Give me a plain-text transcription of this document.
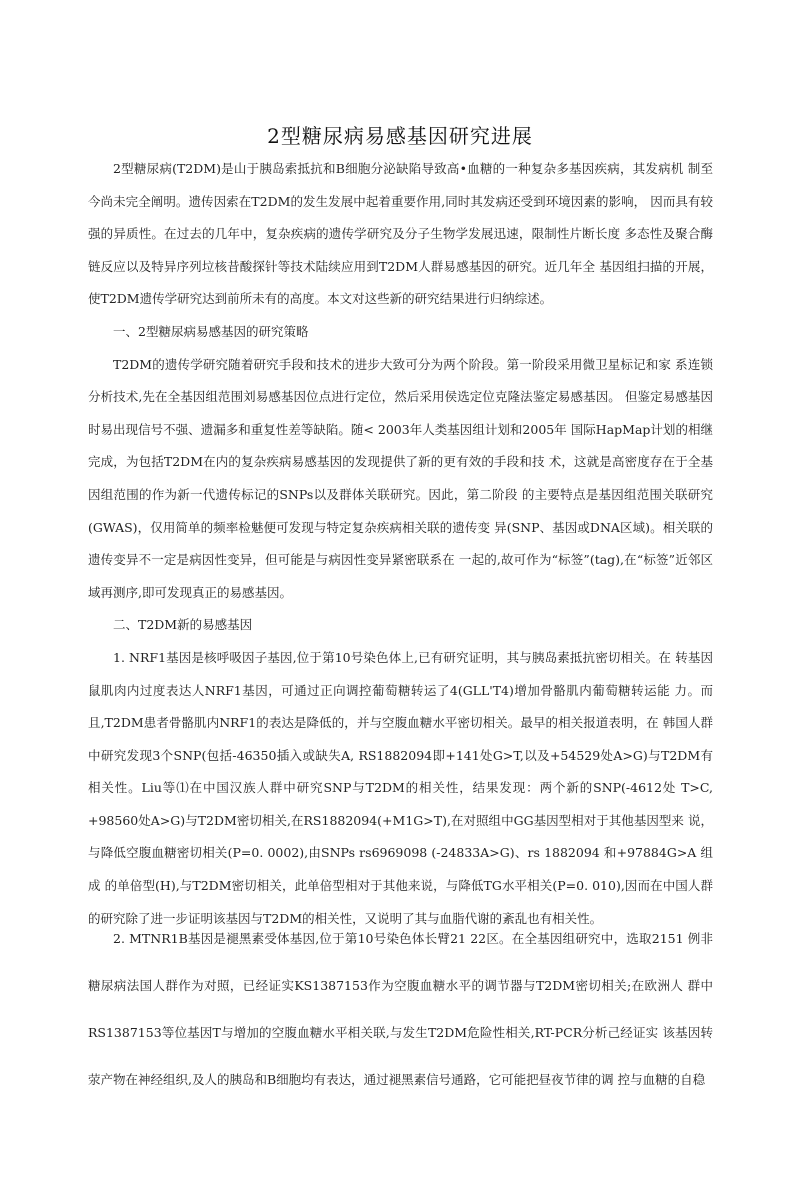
2型糖尿病易感基因研究进展

2型糖尿病(T2DM)是山于胰岛索抵抗和B细胞分泌缺陷导致高•血糖的一种复杂多基因疾病，其发病机 制至今尚未完全阐明。遗传因索在T2DM的发生发展中起着重要作用,同时其发病还受到环境因素的影响， 因而具有较强的异质性。在过去的几年中，复杂疾病的遗传学研究及分子生物学发展迅速，限制性片断长度 多态性及聚合酶链反应以及特异序列垃核昔酸探针等技术陆续应用到T2DM人群易感基因的研究。近几年全 基因组扫描的开展，使T2DM遗传学研究达到前所未有的高度。本文对这些新的研究结果进行归纳综述。

一、2型糖尿病易感基因的研究策略

T2DM的遗传学研究随着研究手段和技术的进步大致可分为两个阶段。第一阶段采用微卫星标记和家 系连锁分析技术,先在全基因组范围刘易感基因位点进行定位，然后采用侯选定位克隆法鉴定易感基因。 但鉴定易感基因时易出现信号不强、遗漏多和重复性差等缺陷。随< 2003年人类基因组计划和2005年 国际HapMap计划的相继完成，为包括T2DM在内的复杂疾病易感基因的发现提供了新的更有效的手段和技 术，这就是高密度存在于全基因组范围的作为新一代遗传标记的SNPs以及群体关联研究。因此，第二阶段 的主要特点是基因组范围关联研究(GWAS)，仅用简单的频率检魅便可发现与特定复杂疾病相关联的遗传变 异(SNP、基因或DNA区域)。相关联的遗传变异不一定是病因性变异，但可能是与病因性变异紧密联系在 一起的,故可作为“标签”(tag),在“标签”近邻区域再测序,即可发现真正的易感基因。

二、T2DM新的易感基因

1. NRF1基因是核呼吸因子基因,位于第10号染色体上,已有研究证明，其与胰岛素抵抗密切相关。在 转基因鼠肌肉内过度表达人NRF1基因，可通过正向调控葡萄糖转运了4(GLL'T4)增加骨骼肌内葡萄糖转运能 力。而且,T2DM患者骨骼肌内NRF1的表达是降低的，并与空腹血糖水平密切相关。最早的相关报道表明，在 韩国人群中研究发现3个SNP(包括-46350插入或缺失A, RS1882094即+141处G>T,以及+54529处A>G)与T2DM有相关性。Liu等⑴在中国汉族人群中研究SNP与T2DM的相关性，结果发现：两个新的SNP(-4612处 T>C, +98560处A>G)与T2DM密切相关,在RS1882094(+M1G>T),在对照组中GG基因型相对于其他基因型来 说，与降低空腹血糖密切相关(P=0. 0002),由SNPs rs6969098 (-24833A>G)、rs 1882094 和+97884G>A 组成 的单倍型(H),与T2DM密切相关，此单倍型相对于其他来说，与降低TG水平相关(P=0. 010),因而在中国人群 的研究除了进一步证明该基因与T2DM的相关性，又说明了其与血脂代谢的紊乱也有相关性。

2. MTNR1B基因是褪黑素受体基因,位于第10号染色体长臂21 22区。在全基因组研究中，选取2151 例非糖尿病法国人群作为对照，已经证实KS1387153作为空腹血糖水平的调节器与T2DM密切相关;在欧洲人 群中RS1387153等位基因T与增加的空腹血糖水平相关联,与发生T2DM危险性相关,RT-PCR分析己经证实 该基因转荥产物在神经组织,及人的胰岛和B细胞均有表达，通过褪黑素信号通路，它可能把昼夜节律的调 控与血糖的自稳
